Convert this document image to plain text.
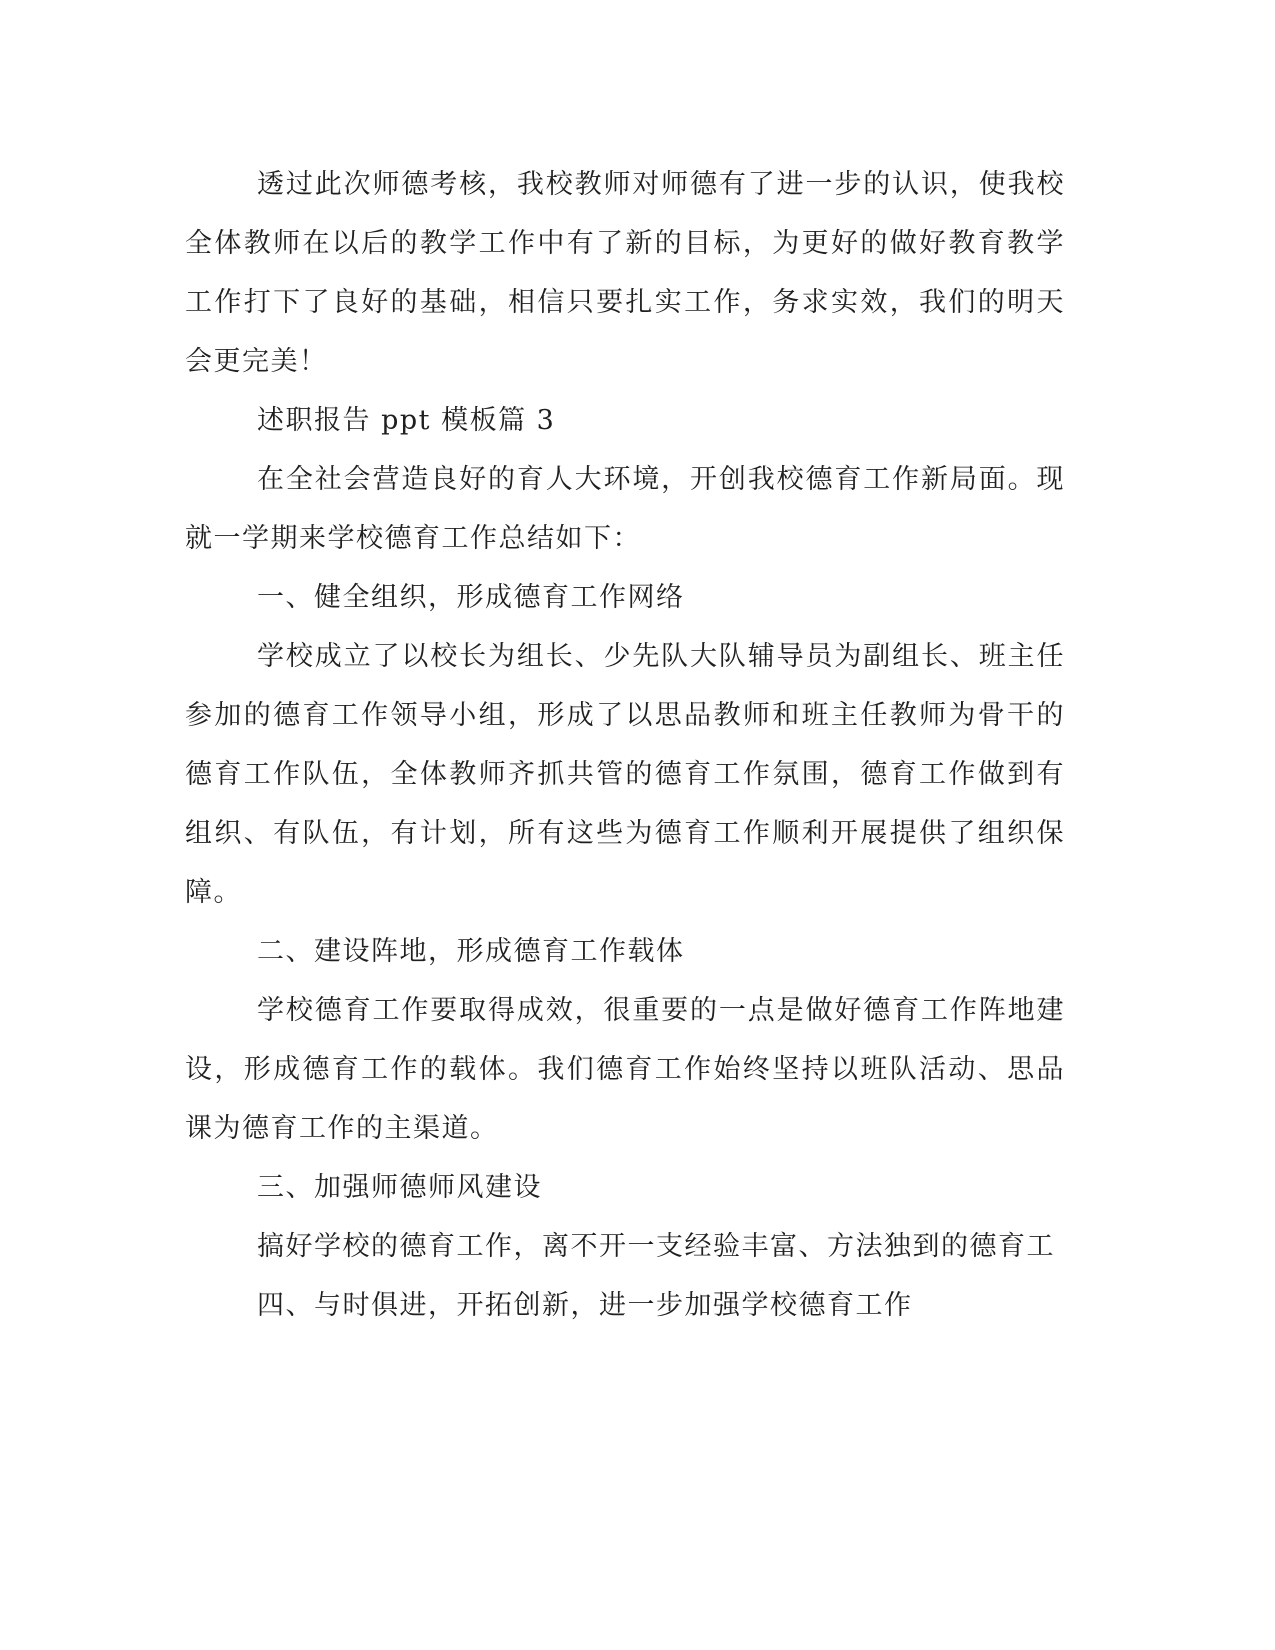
透过此次师德考核，我校教师对师德有了进一步的认识，使我校全体教师在以后的教学工作中有了新的目标，为更好的做好教育教学工作打下了良好的基础，相信只要扎实工作，务求实效，我们的明天会更完美！

述职报告 ppt 模板篇 3

在全社会营造良好的育人大环境，开创我校德育工作新局面。现就一学期来学校德育工作总结如下：

一、健全组织，形成德育工作网络

学校成立了以校长为组长、少先队大队辅导员为副组长、班主任参加的德育工作领导小组，形成了以思品教师和班主任教师为骨干的德育工作队伍，全体教师齐抓共管的德育工作氛围，德育工作做到有组织、有队伍，有计划，所有这些为德育工作顺利开展提供了组织保障。

二、建设阵地，形成德育工作载体

学校德育工作要取得成效，很重要的一点是做好德育工作阵地建设，形成德育工作的载体。我们德育工作始终坚持以班队活动、思品课为德育工作的主渠道。

三、加强师德师风建设

搞好学校的德育工作，离不开一支经验丰富、方法独到的德育工

四、与时俱进，开拓创新，进一步加强学校德育工作
